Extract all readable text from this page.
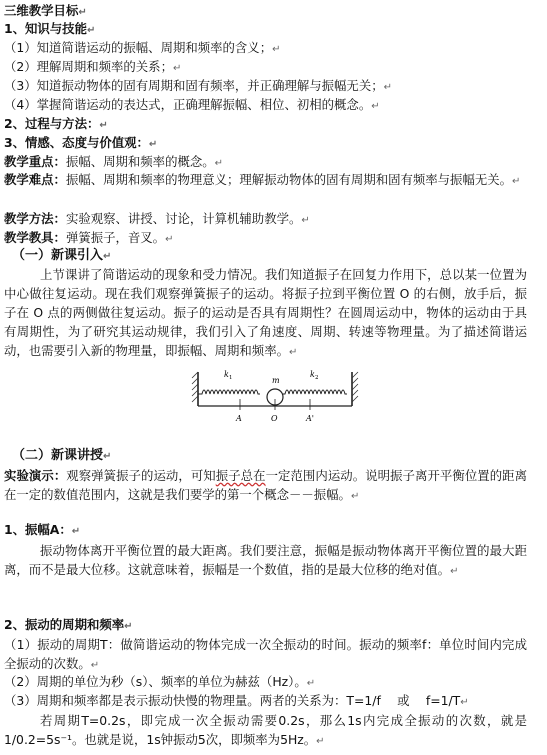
三维教学目标↵
1、知识与技能↵
（1）知道简谐运动的振幅、周期和频率的含义；↵
（2）理解周期和频率的关系；↵
（3）知道振动物体的固有周期和固有频率，并正确理解与振幅无关；↵
（4）掌握简谐运动的表达式，正确理解振幅、相位、初相的概念。↵
2、过程与方法：↵
3、情感、态度与价值观：↵
教学重点：振幅、周期和频率的概念。↵
教学难点：振幅、周期和频率的物理意义；理解振动物体的固有周期和固有频率与振幅无关。↵
教学方法：实验观察、讲授、讨论，计算机辅助教学。↵
教学教具：弹簧振子，音叉。↵
（一）新课引入↵
上节课讲了简谐运动的现象和受力情况。我们知道振子在回复力作用下，总以某一位置为中心做往复运动。现在我们观察弹簧振子的运动。将振子拉到平衡位置 O 的右侧，放手后，振子在 O 点的两侧做往复运动。振子的运动是否具有周期性？在圆周运动中，物体的运动由于具有周期性，为了研究其运动规律，我们引入了角速度、周期、转速等物理量。为了描述简谐运动，也需要引入新的物理量，即振幅、周期和频率。↵
k 1	m
k 2
A	O	A'
（二）新课讲授↵
实验演示：观察弹簧振子的运动，可知振子总在一定范围内运动。说明振子离开平衡位置的距离在一定的数值范围内，这就是我们要学的第一个概念－－振幅。↵
1、振幅A：↵
振动物体离开平衡位置的最大距离。我们要注意，振幅是振动物体离开平衡位置的最大距离，而不是最大位移。这就意味着，振幅是一个数值，指的是最大位移的绝对值。↵
2、振动的周期和频率↵
（1）振动的周期T：做简谐运动的物体完成一次全振动的时间。振动的频率f：单位时间内完成全振动的次数。↵
（2）周期的单位为秒（s）、频率的单位为赫兹（Hz）。↵
（3）周期和频率都是表示振动快慢的物理量。两者的关系为：T=1/f　 或　 f=1/T↵
若周期T=0.2s，即完成一次全振动需要0.2s，那么1s内完成全振动的次数，就是1/0.2=5s⁻¹。也就是说，1s钟振动5次，即频率为5Hz。↵
